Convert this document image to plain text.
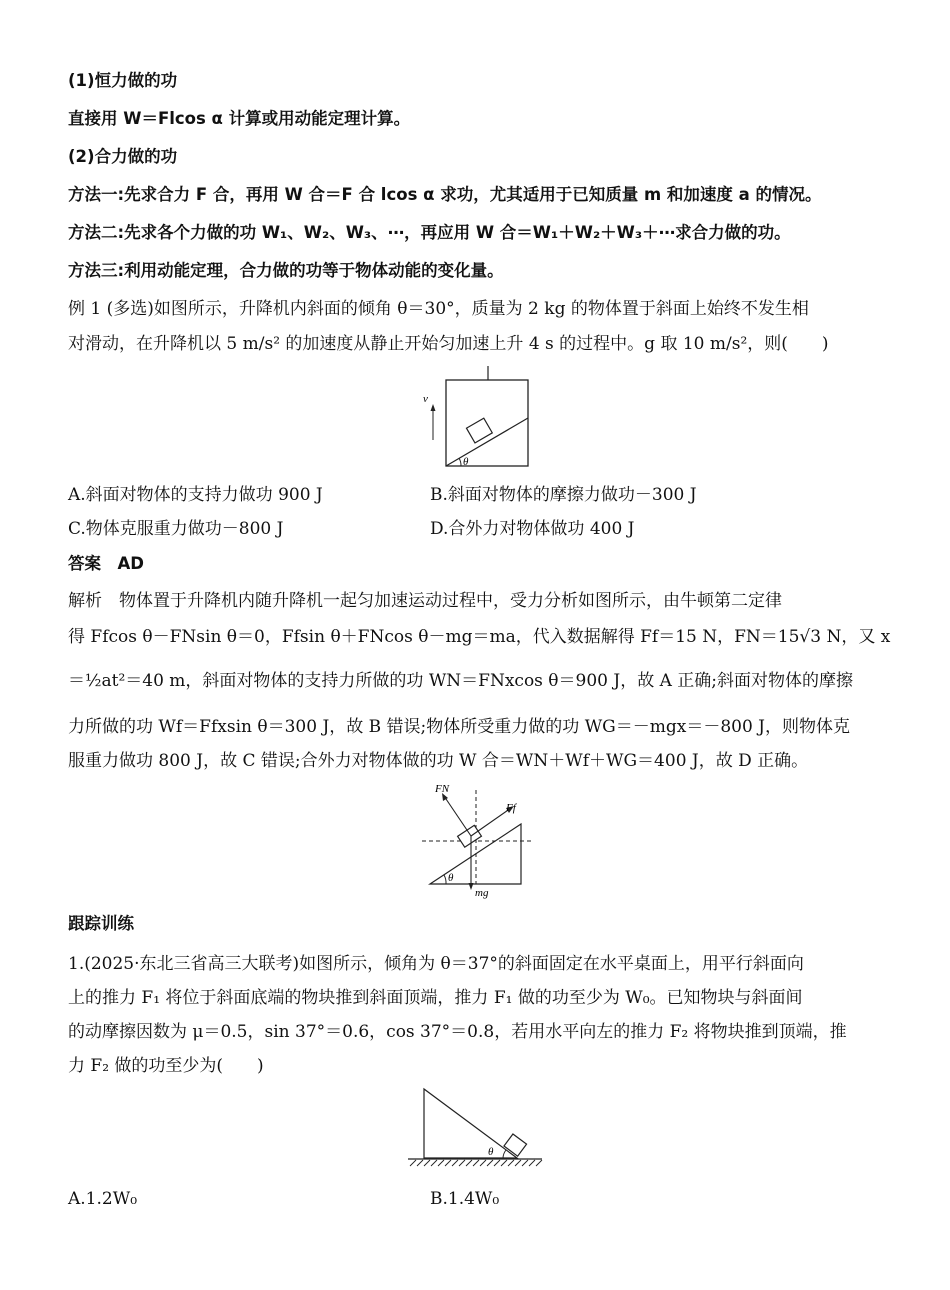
(1)恒力做的功
直接用 W＝Flcos α 计算或用动能定理计算。
(2)合力做的功
方法一:先求合力 F 合，再用 W 合＝F 合 lcos α 求功，尤其适用于已知质量 m 和加速度 a 的情况。
方法二:先求各个力做的功 W₁、W₂、W₃、⋯，再应用 W 合＝W₁＋W₂＋W₃＋⋯求合力做的功。
方法三:利用动能定理，合力做的功等于物体动能的变化量。
例 1 (多选)如图所示，升降机内斜面的倾角 θ＝30°，质量为 2 kg 的物体置于斜面上始终不发生相
对滑动，在升降机以 5 m/s² 的加速度从静止开始匀加速上升 4 s 的过程中。g 取 10 m/s²，则(　　)
θ
v
A.斜面对物体的支持力做功 900 J	B.斜面对物体的摩擦力做功－300 J
C.物体克服重力做功－800 J	D.合外力对物体做功 400 J
答案　AD
解析　物体置于升降机内随升降机一起匀加速运动过程中，受力分析如图所示，由牛顿第二定律
得 Ffcos θ－FNsin θ＝0，Ffsin θ＋FNcos θ－mg＝ma，代入数据解得 Ff＝15 N，FN＝15√3 N，又 x
＝½at²＝40 m，斜面对物体的支持力所做的功 WN＝FNxcos θ＝900 J，故 A 正确;斜面对物体的摩擦
力所做的功 Wf＝Ffxsin θ＝300 J，故 B 错误;物体所受重力做的功 WG＝－mgx＝－800 J，则物体克
服重力做功 800 J，故 C 错误;合外力对物体做的功 W 合＝WN＋Wf＋WG＝400 J，故 D 正确。
θ
FN
Ff
mg
跟踪训练
1.(2025·东北三省高三大联考)如图所示，倾角为 θ＝37°的斜面固定在水平桌面上，用平行斜面向
上的推力 F₁ 将位于斜面底端的物块推到斜面顶端，推力 F₁ 做的功至少为 W₀。已知物块与斜面间
的动摩擦因数为 μ＝0.5，sin 37°＝0.6，cos 37°＝0.8，若用水平向左的推力 F₂ 将物块推到顶端，推
力 F₂ 做的功至少为(　　)
θ
A.1.2W₀	B.1.4W₀
